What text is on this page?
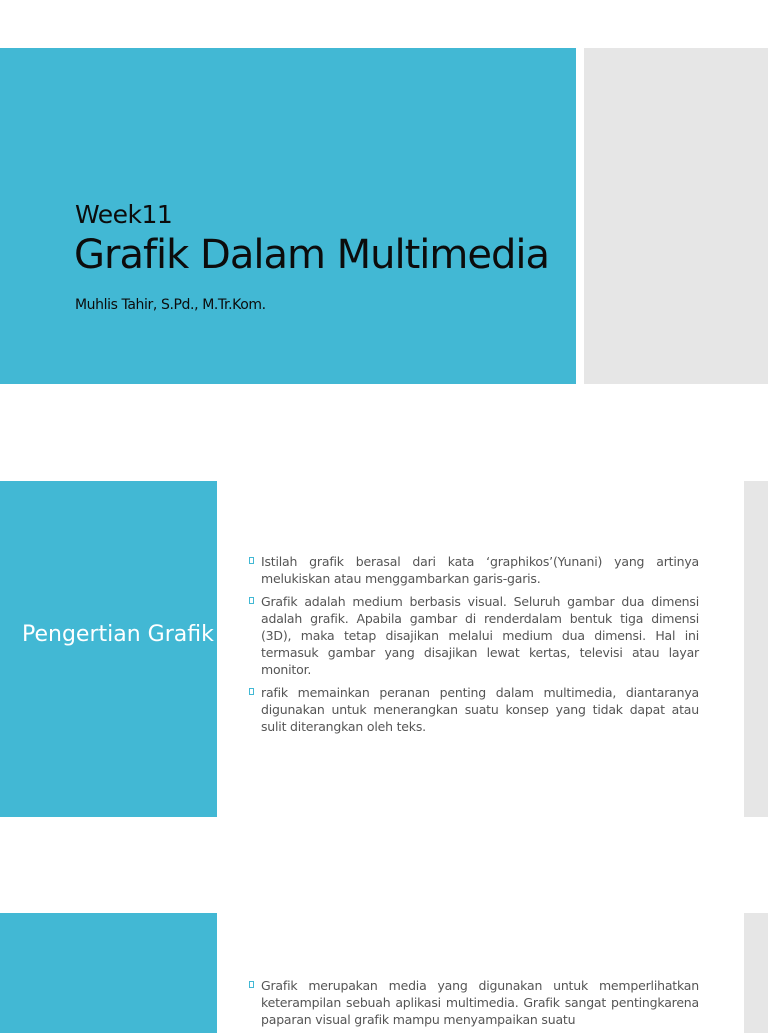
Week11
Grafik Dalam Multimedia
Muhlis Tahir, S.Pd., M.Tr.Kom.
Pengertian Grafik
Istilah grafik berasal dari kata ‘graphikos’(Yunani) yang artinya melukiskan atau menggambarkan garis-garis.
Grafik adalah medium berbasis visual. Seluruh gambar dua dimensi adalah grafik. Apabila gambar di renderdalam bentuk tiga dimensi (3D), maka tetap disajikan melalui medium dua dimensi. Hal ini termasuk gambar yang disajikan lewat kertas, televisi atau layar monitor.
rafik memainkan peranan penting dalam multimedia, diantaranya digunakan untuk menerangkan suatu konsep yang tidak dapat atau sulit diterangkan oleh teks.
Grafik merupakan media yang digunakan untuk memperlihatkan keterampilan sebuah aplikasi multimedia. Grafik sangat pentingkarena paparan visual grafik mampu menyampaikan suatu
